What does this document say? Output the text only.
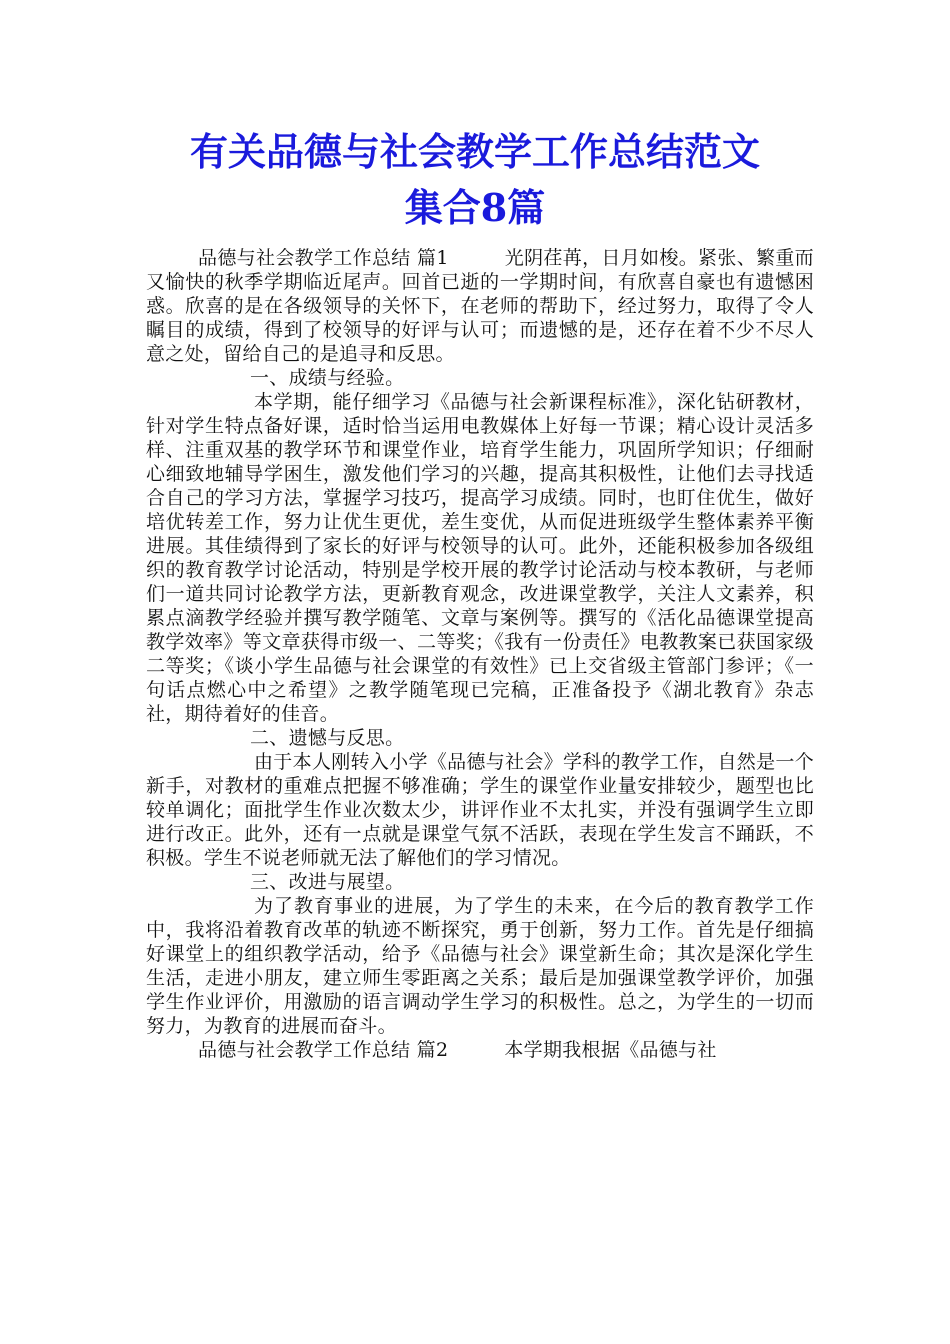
有关品德与社会教学工作总结范文
集合8篇

品德与社会教学工作总结 篇1	光阴荏苒，日月如梭。紧张、繁重而又愉快的秋季学期临近尾声。回首已逝的一学期时间，有欣喜自豪也有遗憾困惑。欣喜的是在各级领导的关怀下，在老师的帮助下，经过努力，取得了令人瞩目的成绩，得到了校领导的好评与认可；而遗憾的是，还存在着不少不尽人意之处，留给自己的是追寻和反思。

一、成绩与经验。

本学期，能仔细学习《品德与社会新课程标准》，深化钻研教材，针对学生特点备好课，适时恰当运用电教媒体上好每一节课；精心设计灵活多样、注重双基的教学环节和课堂作业，培育学生能力，巩固所学知识；仔细耐心细致地辅导学困生，激发他们学习的兴趣，提高其积极性，让他们去寻找适合自己的学习方法，掌握学习技巧，提高学习成绩。同时，也盯住优生，做好培优转差工作，努力让优生更优，差生变优，从而促进班级学生整体素养平衡进展。其佳绩得到了家长的好评与校领导的认可。此外，还能积极参加各级组织的教育教学讨论活动，特别是学校开展的教学讨论活动与校本教研，与老师们一道共同讨论教学方法，更新教育观念，改进课堂教学，关注人文素养，积累点滴教学经验并撰写教学随笔、文章与案例等。撰写的《活化品德课堂提高教学效率》等文章获得市级一、二等奖；《我有一份责任》电教教案已获国家级二等奖；《谈小学生品德与社会课堂的有效性》已上交省级主管部门参评；《一句话点燃心中之希望》之教学随笔现已完稿，正准备投予《湖北教育》杂志社，期待着好的佳音。

二、遗憾与反思。

由于本人刚转入小学《品德与社会》学科的教学工作，自然是一个新手，对教材的重难点把握不够准确；学生的课堂作业量安排较少，题型也比较单调化；面批学生作业次数太少，讲评作业不太扎实，并没有强调学生立即进行改正。此外，还有一点就是课堂气氛不活跃，表现在学生发言不踊跃，不积极。学生不说老师就无法了解他们的学习情况。

三、改进与展望。

为了教育事业的进展，为了学生的未来，在今后的教育教学工作中，我将沿着教育改革的轨迹不断探究，勇于创新，努力工作。首先是仔细搞好课堂上的组织教学活动，给予《品德与社会》课堂新生命；其次是深化学生生活，走进小朋友，建立师生零距离之关系；最后是加强课堂教学评价，加强学生作业评价，用激励的语言调动学生学习的积极性。总之，为学生的一切而努力，为教育的进展而奋斗。

品德与社会教学工作总结 篇2	本学期我根据《品德与社
